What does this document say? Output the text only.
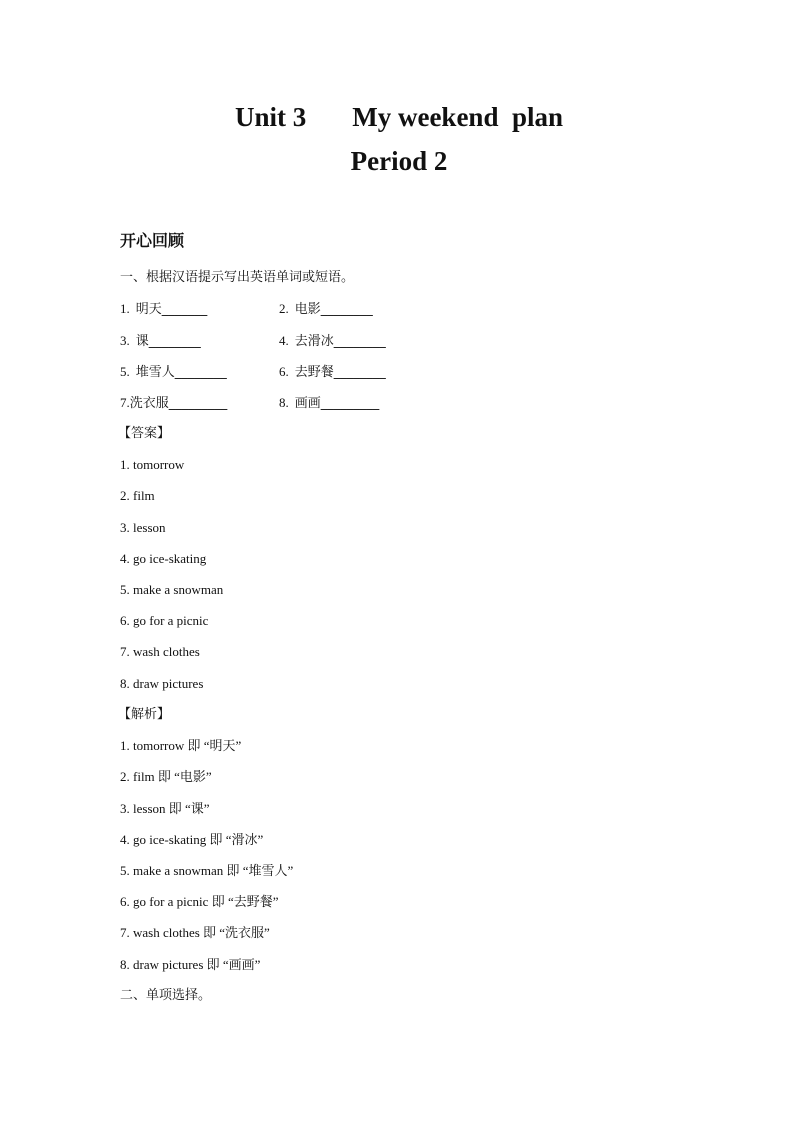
Unit 3 My weekend  plan
Period 2
开心回顾
一、根据汉语提示写出英语单词或短语。
1. 明天_______	2. 电影________
3. 课________	4. 去滑冰________
5. 堆雪人________	6. 去野餐________
7.洗衣服_________	8. 画画_________
【答案】
1. tomorrow
2. film
3. lesson
4. go ice-skating
5. make a snowman
6. go for a picnic
7. wash clothes
8. draw pictures
【解析】
1. tomorrow 即 “明天”
2. film 即 “电影”
3. lesson 即 “课”
4. go ice-skating 即 “滑冰”
5. make a snowman 即 “堆雪人”
6. go for a picnic 即 “去野餐”
7. wash clothes 即 “洗衣服”
8. draw pictures 即 “画画”
二、单项选择。
